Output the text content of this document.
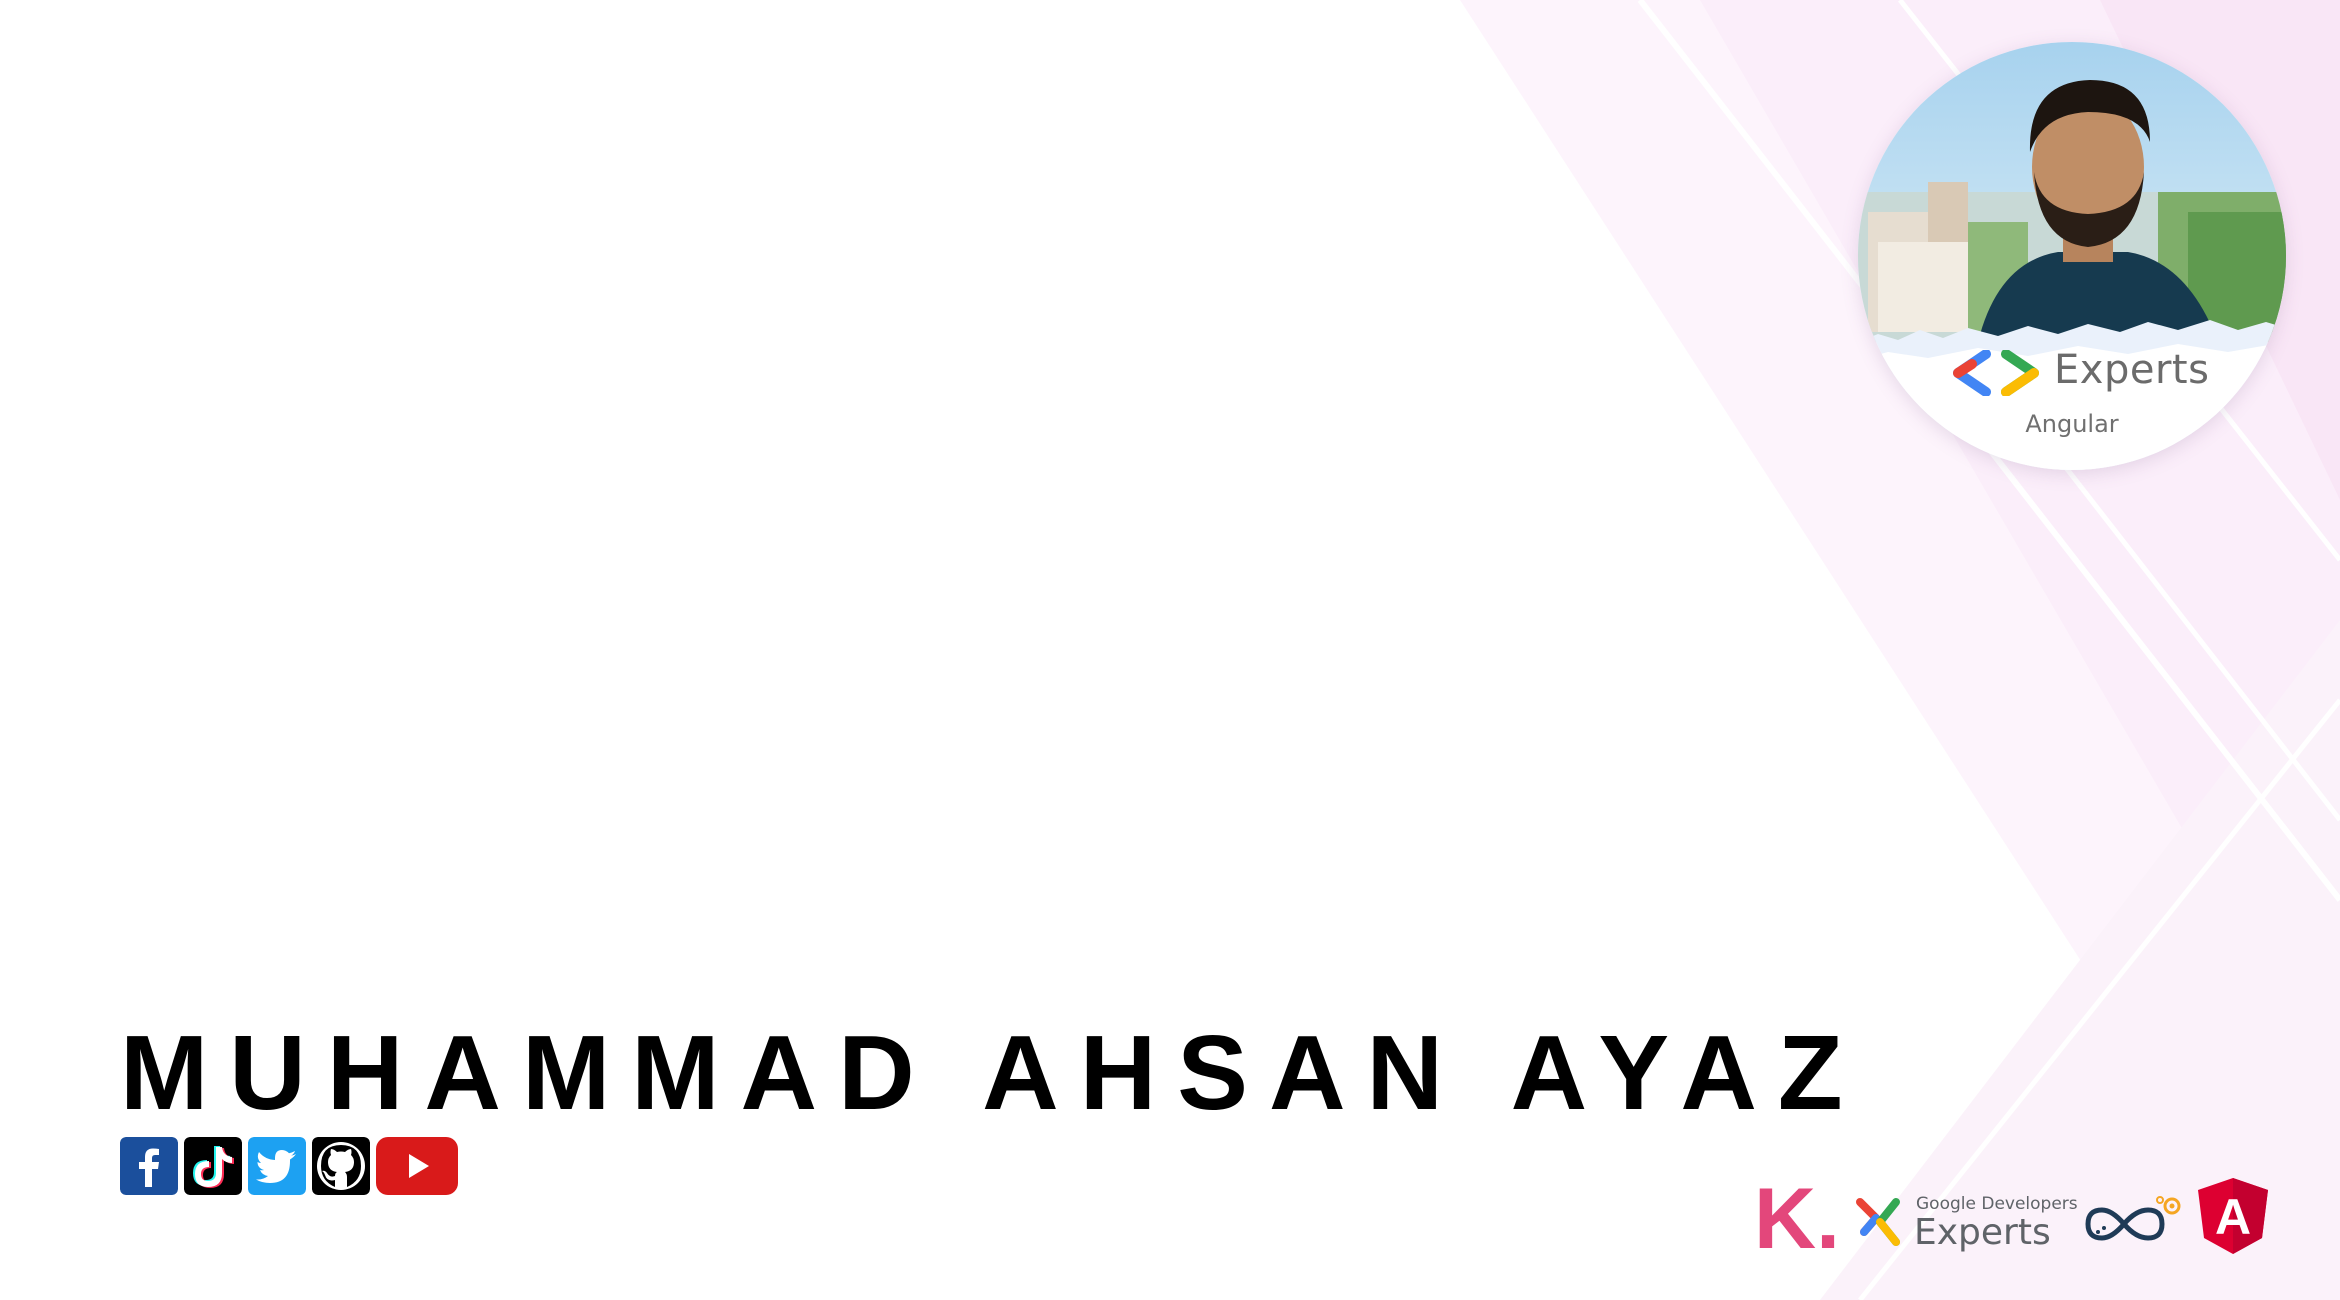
Experts
Angular
MUHAMMAD AHSAN AYAZ
K.	Google Developers
Experts	A
